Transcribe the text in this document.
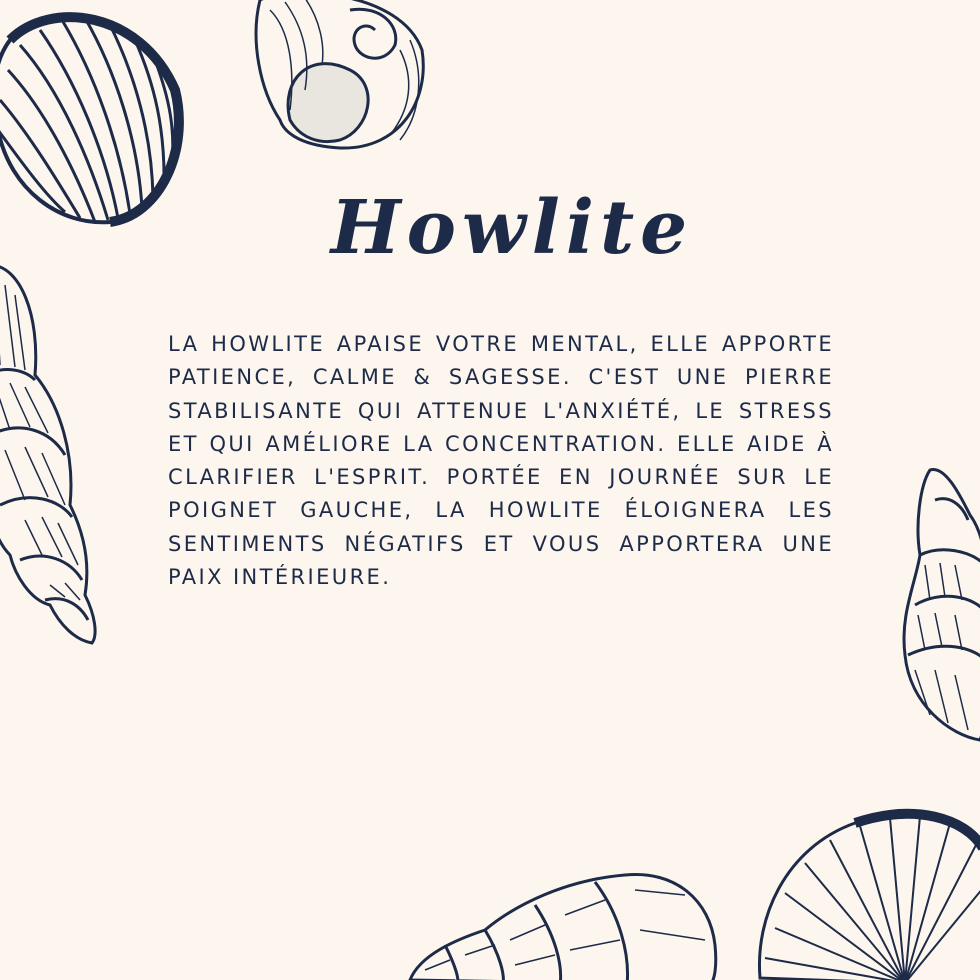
Howlite

LA HOWLITE APAISE VOTRE MENTAL, ELLE APPORTE PATIENCE, CALME & SAGESSE. C'EST UNE PIERRE STABILISANTE QUI ATTENUE L'ANXIÉTÉ, LE STRESS ET QUI AMÉLIORE LA CONCENTRATION. ELLE AIDE À CLARIFIER L'ESPRIT. PORTÉE EN JOURNÉE SUR LE POIGNET GAUCHE, LA HOWLITE ÉLOIGNERA LES SENTIMENTS NÉGATIFS ET VOUS APPORTERA UNE PAIX INTÉRIEURE.
